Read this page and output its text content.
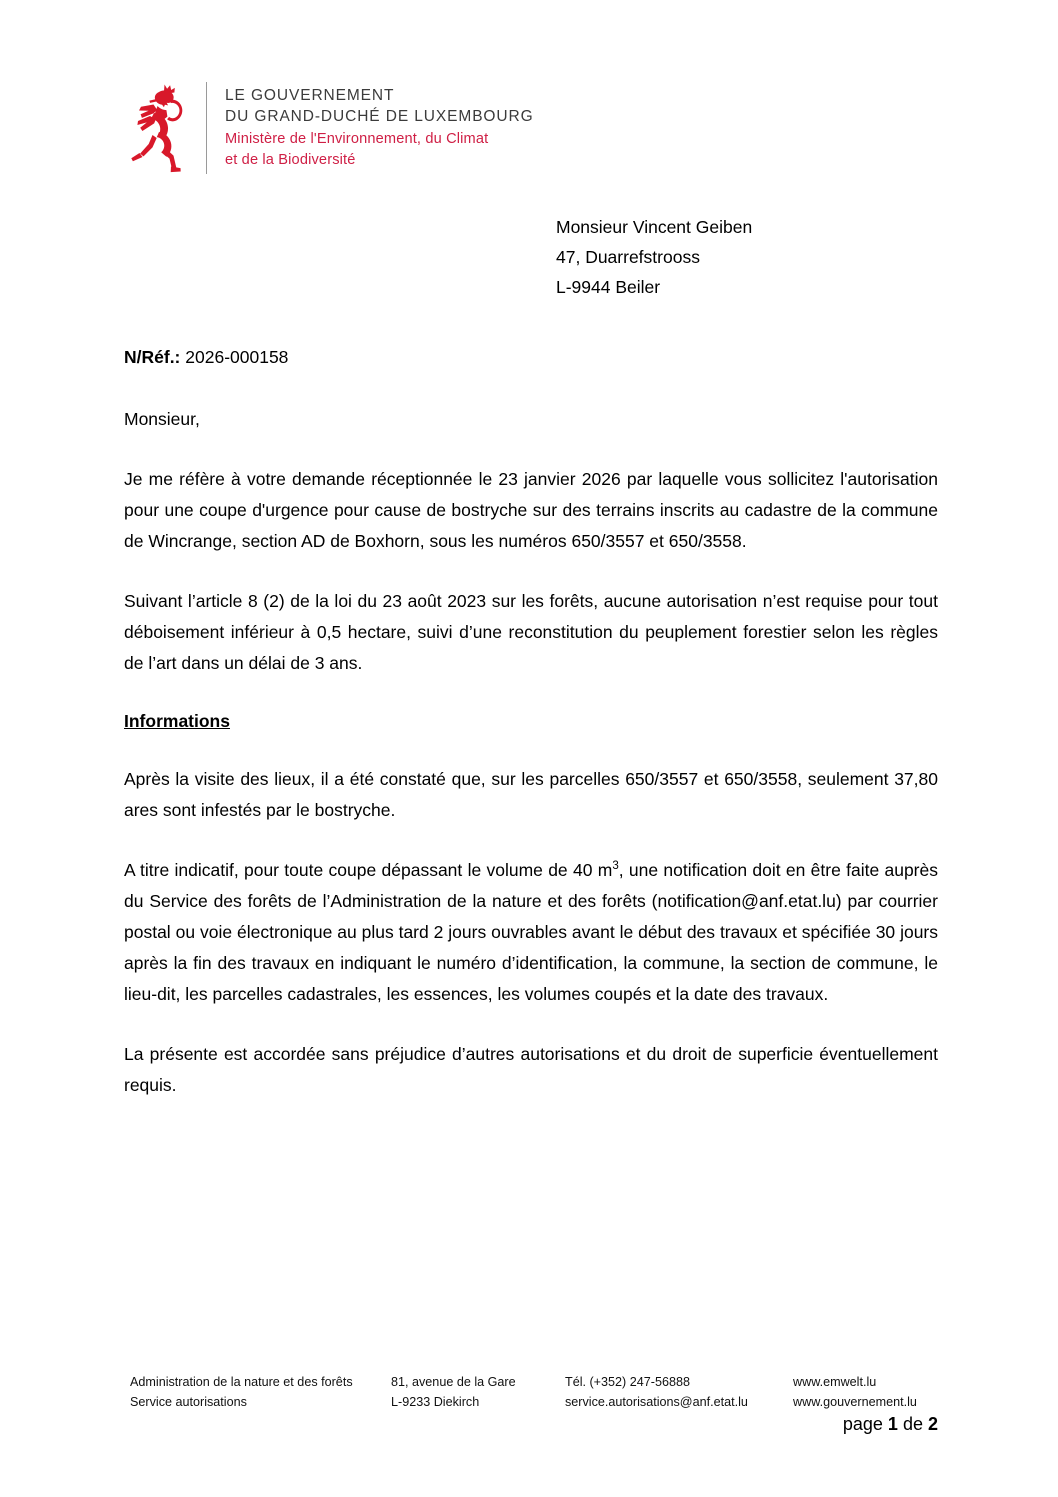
LE GOUVERNEMENT
DU GRAND-DUCHÉ DE LUXEMBOURG
Ministère de l'Environnement, du Climat
et de la Biodiversité
Monsieur Vincent Geiben
47, Duarrefstrooss
L-9944 Beiler
N/Réf.: 2026-000158
Monsieur,

Je me réfère à votre demande réceptionnée le 23 janvier 2026 par laquelle vous sollicitez l'autorisation pour une coupe d'urgence pour cause de bostryche sur des terrains inscrits au cadastre de la commune de Wincrange, section AD de Boxhorn, sous les numéros 650/3557 et 650/3558.

Suivant l’article 8 (2) de la loi du 23 août 2023 sur les forêts, aucune autorisation n’est requise pour tout déboisement inférieur à 0,5 hectare, suivi d’une reconstitution du peuplement forestier selon les règles de l’art dans un délai de 3 ans.

Informations

Après la visite des lieux, il a été constaté que, sur les parcelles 650/3557 et 650/3558, seulement 37,80 ares sont infestés par le bostryche.

A titre indicatif, pour toute coupe dépassant le volume de 40 $m^3$, une notification doit en être faite auprès du Service des forêts de l’Administration de la nature et des forêts (notification@anf.etat.lu) par courrier postal ou voie électronique au plus tard 2 jours ouvrables avant le début des travaux et spécifiée 30 jours après la fin des travaux en indiquant le numéro d’identification, la commune, la section de commune, le lieu-dit, les parcelles cadastrales, les essences, les volumes coupés et la date des travaux.

La présente est accordée sans préjudice d’autres autorisations et du droit de superficie éventuellement requis.

Administration de la nature et des forêts
Service autorisations
81, avenue de la Gare
L-9233 Diekirch
Tél. (+352) 247-56888
service.autorisations@anf.etat.lu
www.emwelt.lu
www.gouvernement.lu
page 1 de 2
